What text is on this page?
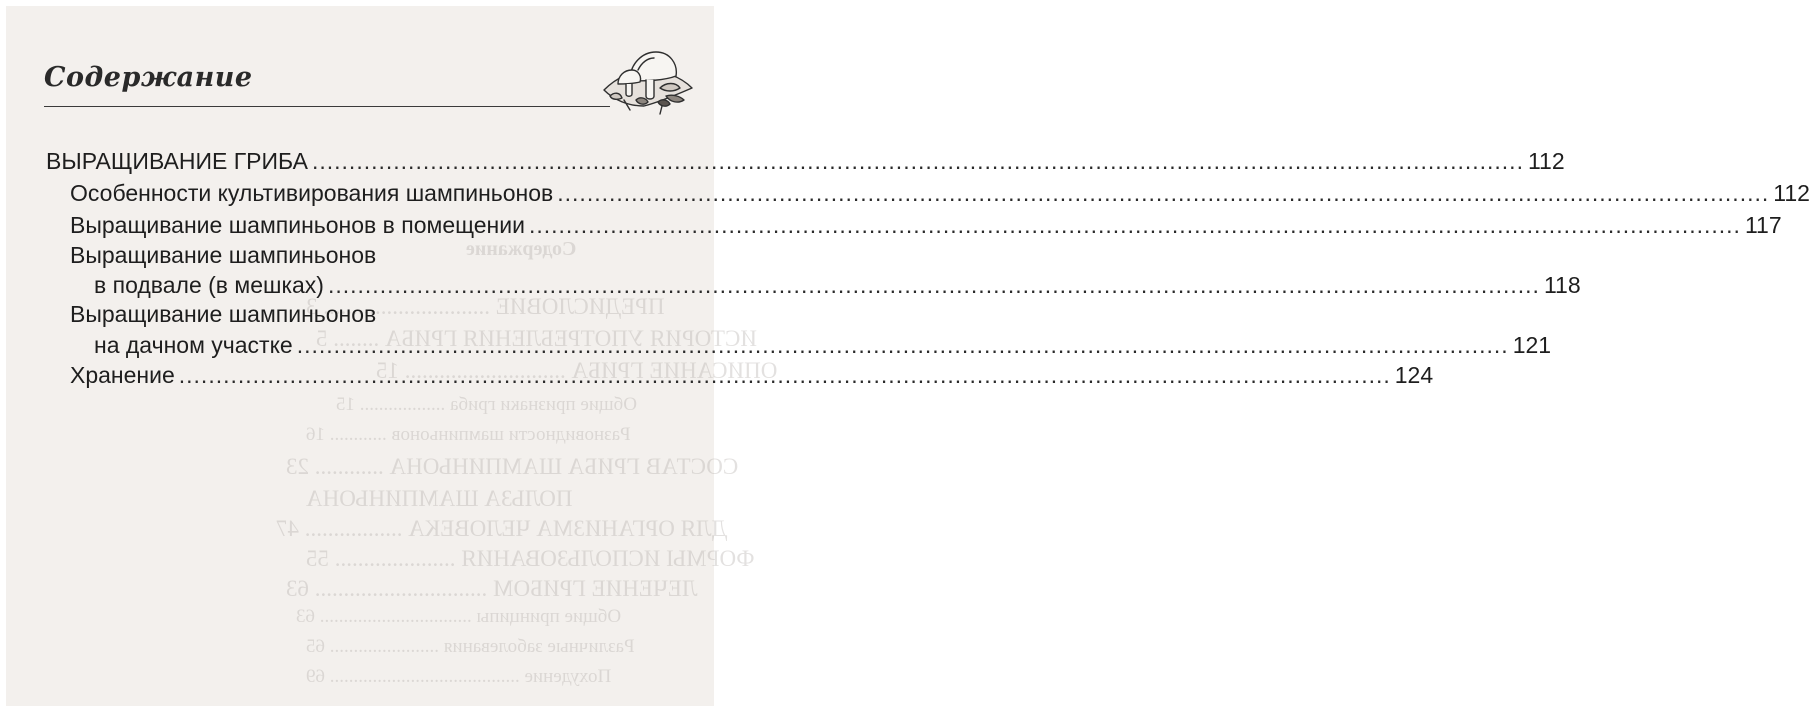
Содержание
Содержание
ПРЕДИСЛОВИЕ ............................. 3
ИСТОРИЯ УПОТРЕБЛЕНИЯ ГРИБА ........ 5
ОПИСАНИЕ ГРИБА ............................ 15
Общие признаки гриба .................. 15
Разновидности шампиньонов ............ 16
СОСТАВ ГРИБА ШАМПИНЬОНА ............ 23
ПОЛЬЗА ШАМПИНЬОНА
ДЛЯ ОРГАНИЗМА ЧЕЛОВЕКА ................. 47
ФОРМЫ ИСПОЛЬЗОВАНИЯ ..................... 55
ЛЕЧЕНИЕ ГРИБОМ .............................. 63
Общие принципы ................................ 63
Различные заболевания ....................... 65
Похудение ........................................ 69
ВЫРАЩИВАНИЕ ГРИБА .....	112
Особенности культивирования шампиньонов .....	112
Выращивание шампиньонов в помещении .....	117
Выращивание шампиньонов
в подвале (в мешках) .....	118
Выращивание шампиньонов
на дачном участке .....	121
Хранение .....	124
